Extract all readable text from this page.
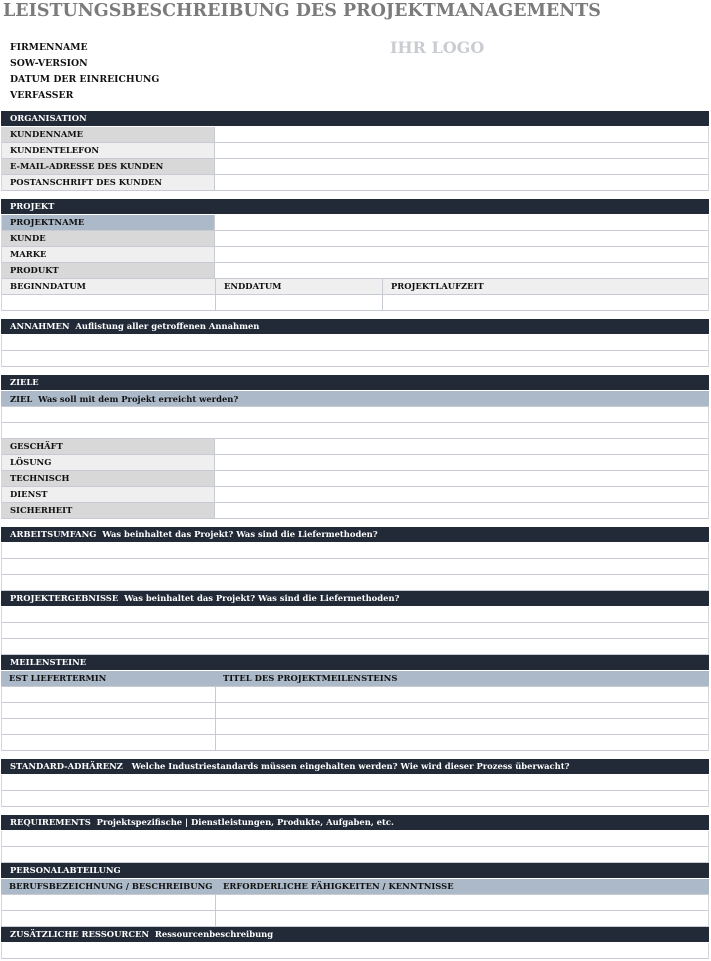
LEISTUNGSBESCHREIBUNG DES PROJEKTMANAGEMENTS
FIRMENNAME
SOW-VERSION
DATUM DER EINREICHUNG
VERFASSER
IHR LOGO
ORGANISATION
KUNDENNAME
KUNDENTELEFON
E-MAIL-ADRESSE DES KUNDEN
POSTANSCHRIFT DES KUNDEN
PROJEKT
PROJEKTNAME
KUNDE
MARKE
PRODUKT
BEGINNDATUM	ENDDATUM	PROJEKTLAUFZEIT
ANNAHMEN Auflistung aller getroffenen Annahmen
ZIELE
ZIEL Was soll mit dem Projekt erreicht werden?
GESCHÄFT
LÖSUNG
TECHNISCH
DIENST
SICHERHEIT
ARBEITSUMFANG Was beinhaltet das Projekt? Was sind die Liefermethoden?
PROJEKTERGEBNISSE Was beinhaltet das Projekt? Was sind die Liefermethoden?
MEILENSTEINE
EST LIEFERTERMIN	TITEL DES PROJEKTMEILENSTEINS
STANDARD-ADHÄRENZ Welche Industriestandards müssen eingehalten werden? Wie wird dieser Prozess überwacht?
REQUIREMENTS Projektspezifische | Dienstleistungen, Produkte, Aufgaben, etc.
PERSONALABTEILUNG
BERUFSBEZEICHNUNG / BESCHREIBUNG	ERFORDERLICHE FÄHIGKEITEN / KENNTNISSE
ZUSÄTZLICHE RESSOURCEN Ressourcenbeschreibung
